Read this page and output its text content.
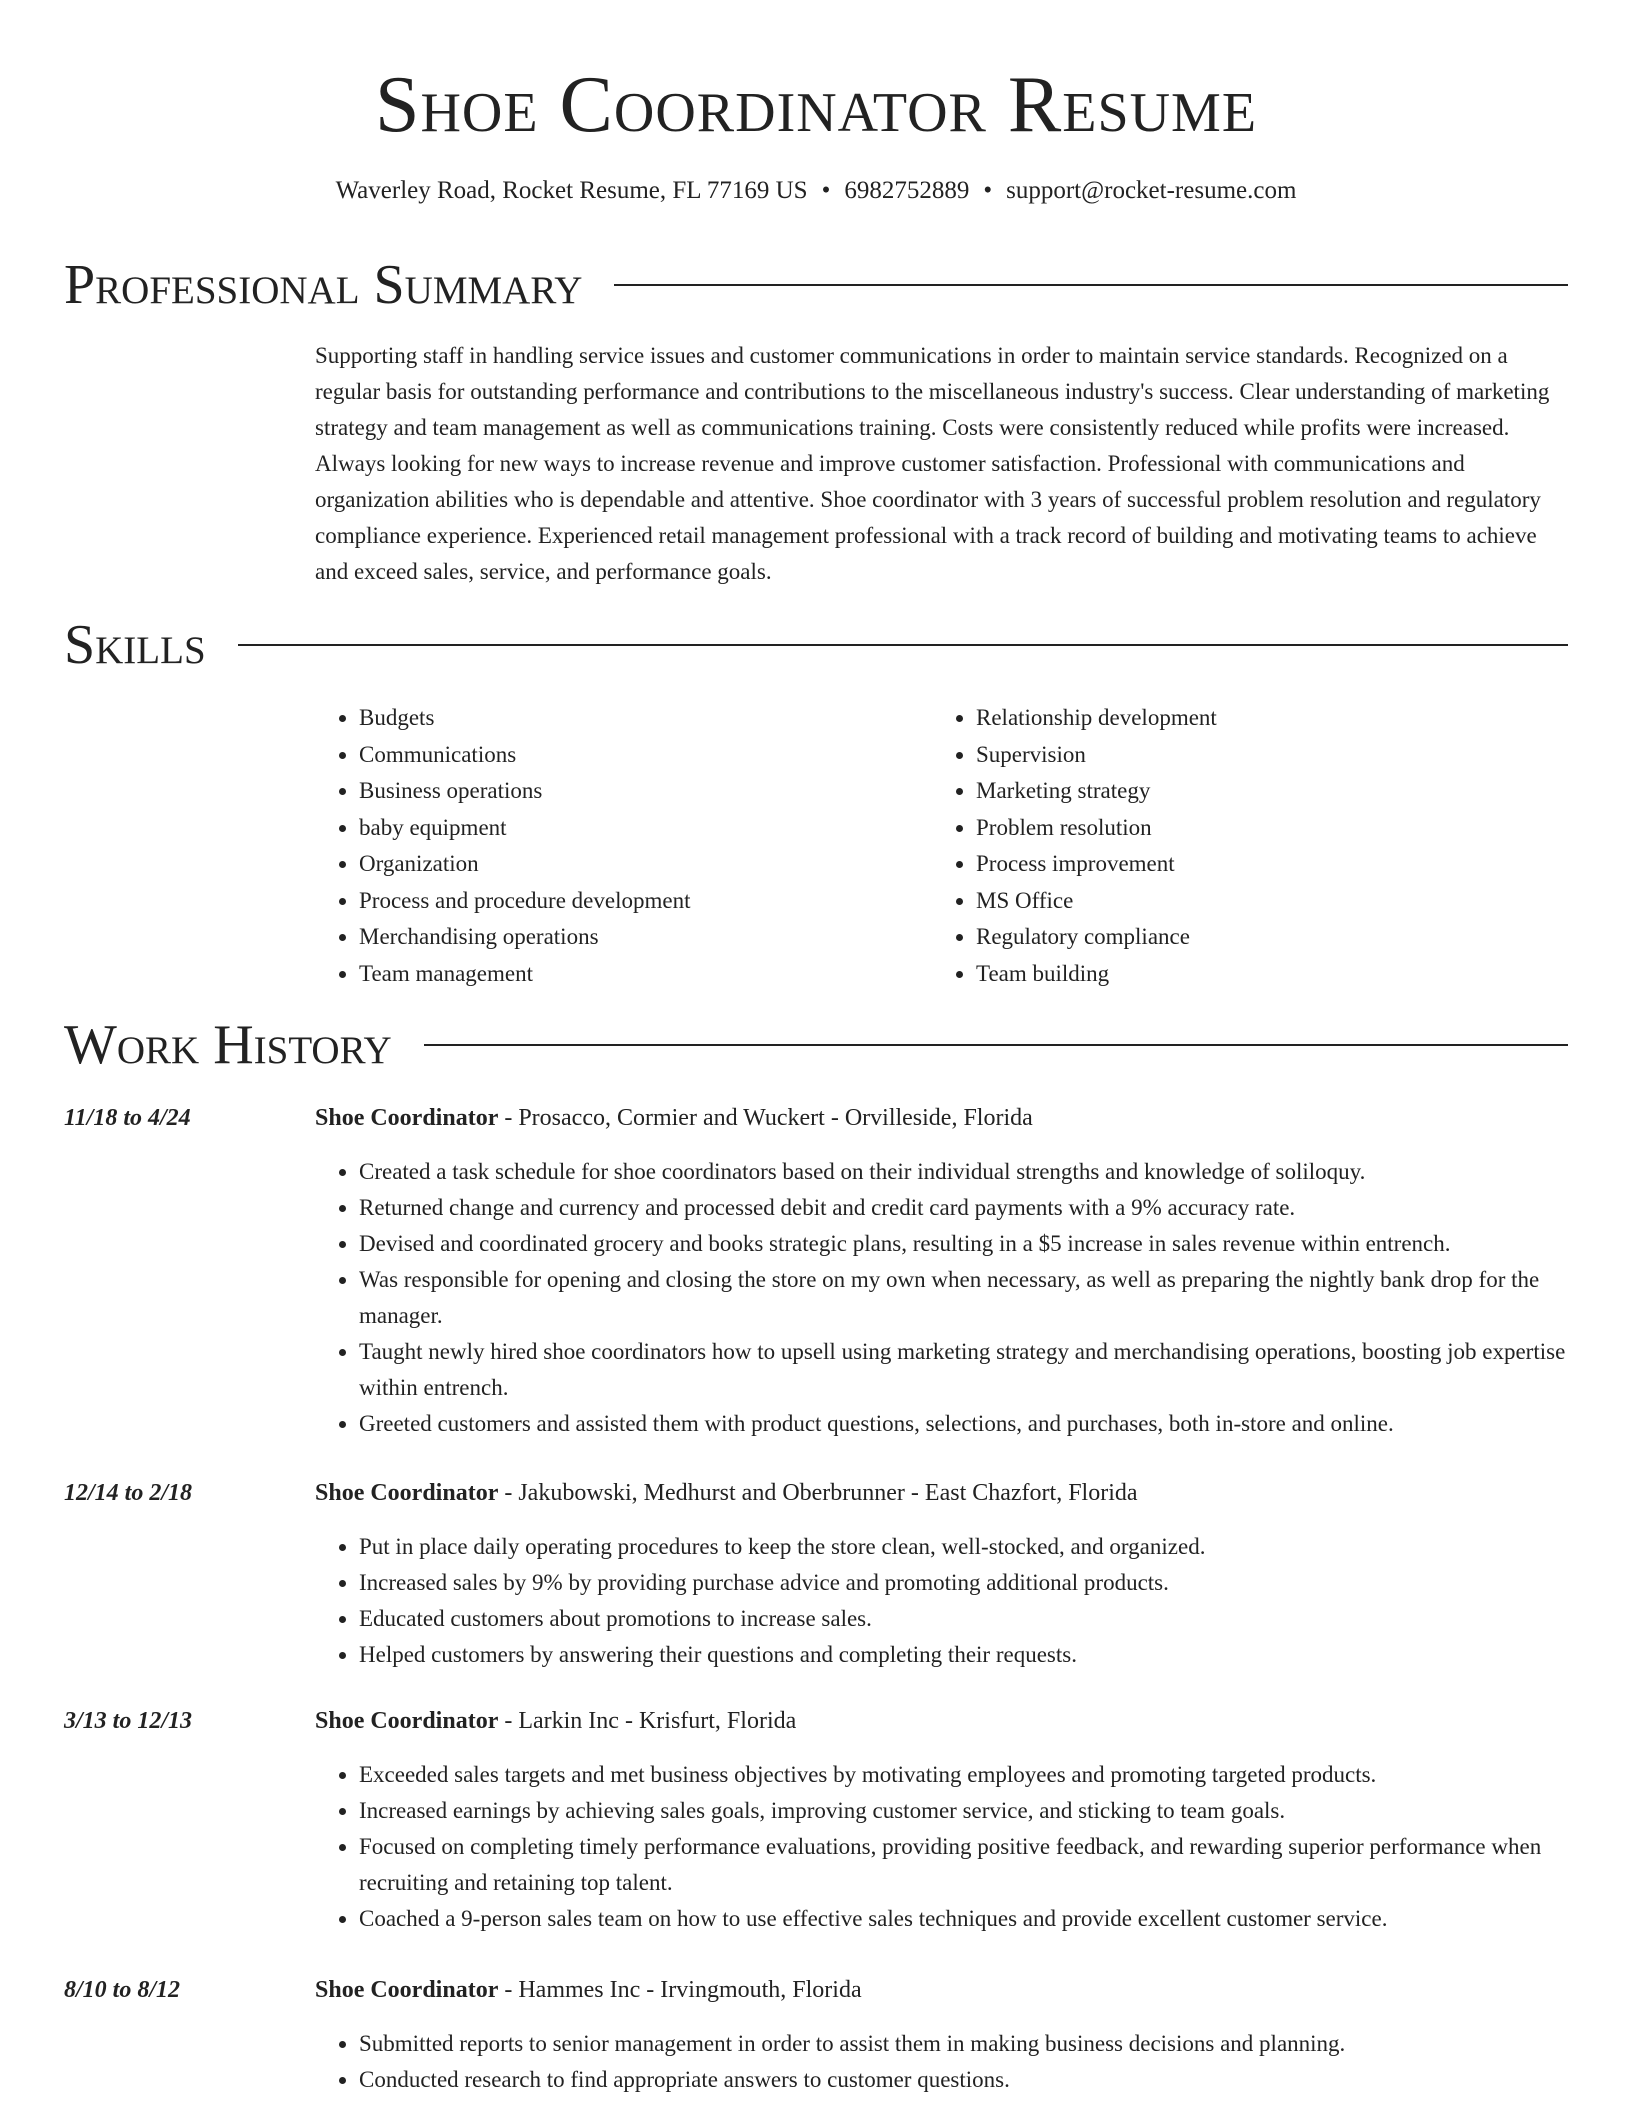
Shoe Coordinator Resume
Waverley Road, Rocket Resume, FL 77169 US • 6982752889 • support@rocket-resume.com
Professional Summary

Supporting staff in handling service issues and customer communications in order to maintain service standards. Recognized on a regular basis for outstanding performance and contributions to the miscellaneous industry's success. Clear understanding of marketing strategy and team management as well as communications training. Costs were consistently reduced while profits were increased. Always looking for new ways to increase revenue and improve customer satisfaction. Professional with communications and organization abilities who is dependable and attentive. Shoe coordinator with 3 years of successful problem resolution and regulatory compliance experience. Experienced retail management professional with a track record of building and motivating teams to achieve and exceed sales, service, and performance goals.

Skills
• Budgets
• Communications
• Business operations
• baby equipment
• Organization
• Process and procedure development
• Merchandising operations
• Team management
• Relationship development
• Supervision
• Marketing strategy
• Problem resolution
• Process improvement
• MS Office
• Regulatory compliance
• Team building
Work History
11/18 to 4/24	Shoe Coordinator - Prosacco, Cormier and Wuckert - Orvilleside, Florida
• Created a task schedule for shoe coordinators based on their individual strengths and knowledge of soliloquy.
• Returned change and currency and processed debit and credit card payments with a 9% accuracy rate.
• Devised and coordinated grocery and books strategic plans, resulting in a $5 increase in sales revenue within entrench.
• Was responsible for opening and closing the store on my own when necessary, as well as preparing the nightly bank drop for the manager.
• Taught newly hired shoe coordinators how to upsell using marketing strategy and merchandising operations, boosting job expertise within entrench.
• Greeted customers and assisted them with product questions, selections, and purchases, both in-store and online.
12/14 to 2/18	Shoe Coordinator - Jakubowski, Medhurst and Oberbrunner - East Chazfort, Florida
• Put in place daily operating procedures to keep the store clean, well-stocked, and organized.
• Increased sales by 9% by providing purchase advice and promoting additional products.
• Educated customers about promotions to increase sales.
• Helped customers by answering their questions and completing their requests.
3/13 to 12/13	Shoe Coordinator - Larkin Inc - Krisfurt, Florida
• Exceeded sales targets and met business objectives by motivating employees and promoting targeted products.
• Increased earnings by achieving sales goals, improving customer service, and sticking to team goals.
• Focused on completing timely performance evaluations, providing positive feedback, and rewarding superior performance when recruiting and retaining top talent.
• Coached a 9-person sales team on how to use effective sales techniques and provide excellent customer service.
8/10 to 8/12	Shoe Coordinator - Hammes Inc - Irvingmouth, Florida
• Submitted reports to senior management in order to assist them in making business decisions and planning.
• Conducted research to find appropriate answers to customer questions.
